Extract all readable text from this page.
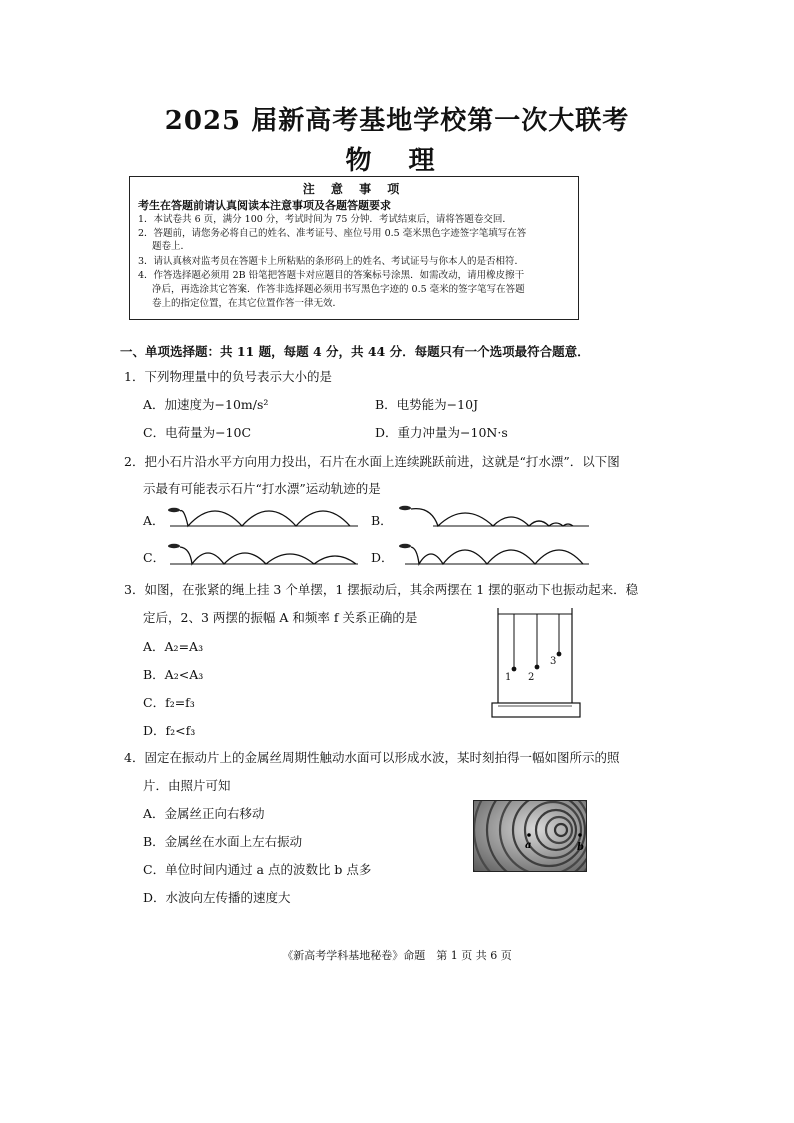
2025 届新高考基地学校第一次大联考
物 理
注 意 事 项
考生在答题前请认真阅读本注意事项及各题答题要求
1．本试卷共 6 页，满分 100 分，考试时间为 75 分钟．考试结束后，请将答题卷交回．
2．答题前，请您务必将自己的姓名、准考证号、座位号用 0.5 毫米黑色字迹签字笔填写在答
题卷上．
3．请认真核对监考员在答题卡上所粘贴的条形码上的姓名、考试证号与你本人的是否相符．
4．作答选择题必须用 2B 铅笔把答题卡对应题目的答案标号涂黑．如需改动，请用橡皮擦干
净后，再选涂其它答案．作答非选择题必须用书写黑色字迹的 0.5 毫米的签字笔写在答题
卷上的指定位置，在其它位置作答一律无效．
一、单项选择题：共 11 题，每题 4 分，共 44 分．每题只有一个选项最符合题意．
1．下列物理量中的负号表示大小的是
A．加速度为−10m/s²	B．电势能为−10J
C．电荷量为−10C	D．重力冲量为−10N·s
2．把小石片沿水平方向用力投出，石片在水面上连续跳跃前进，这就是“打水漂”．以下图
示最有可能表示石片“打水漂”运动轨迹的是
A．	B．
C．	D．
3．如图，在张紧的绳上挂 3 个单摆，1 摆振动后，其余两摆在 1 摆的驱动下也振动起来．稳
定后，2、3 两摆的振幅 A 和频率 f 关系正确的是
A．A₂=A₃
B．A₂<A₃
C．f₂=f₃
D．f₂<f₃
1 2
3
4．固定在振动片上的金属丝周期性触动水面可以形成水波，某时刻拍得一幅如图所示的照
片．由照片可知
A．金属丝正向右移动
B．金属丝在水面上左右振动
C．单位时间内通过 a 点的波数比 b 点多
D．水波向左传播的速度大
a	b
《新高考学科基地秘卷》命题　第 1 页 共 6 页
